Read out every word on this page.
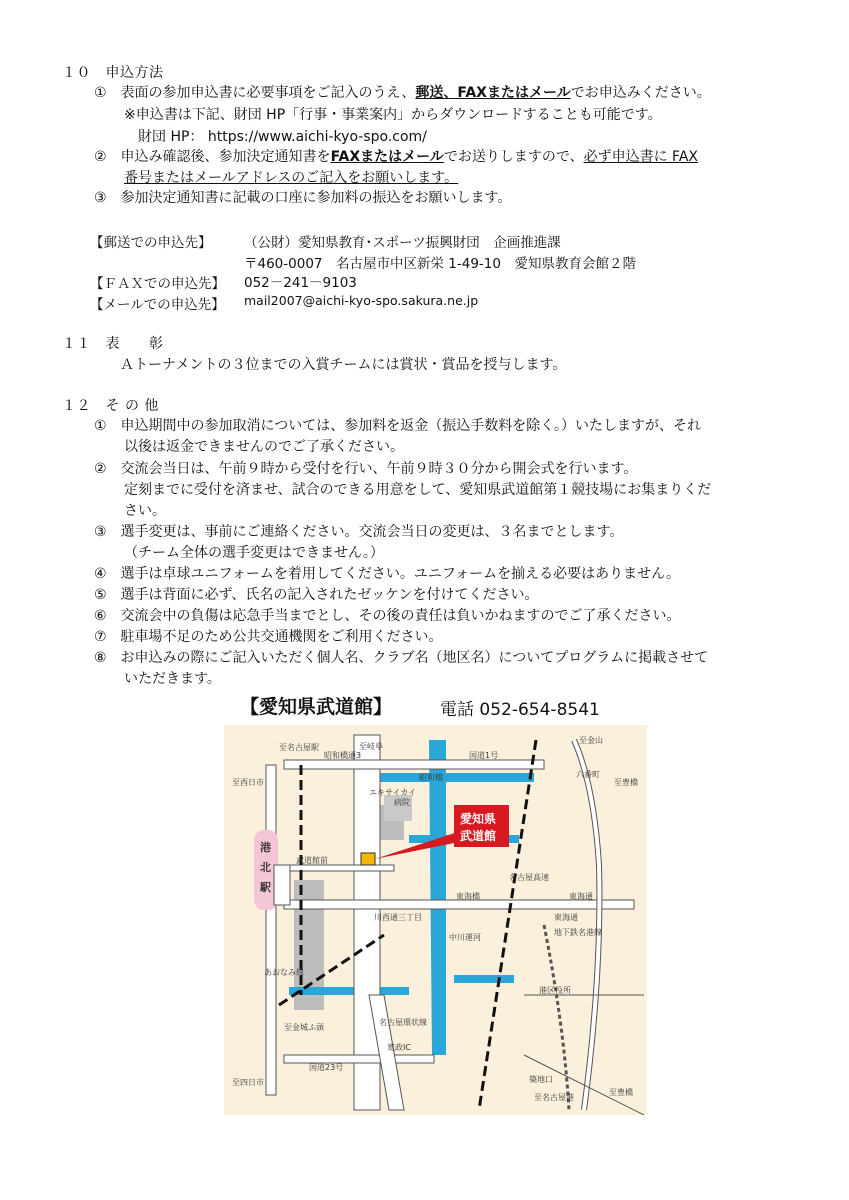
１０　申込方法
①　表面の参加申込書に必要事項をご記入のうえ、郵送、FAXまたはメールでお申込みください。
※申込書は下記、財団 HP「行事・事業案内」からダウンロードすることも可能です。
財団 HP： https://www.aichi-kyo-spo.com/
②　申込み確認後、参加決定通知書をFAXまたはメールでお送りしますので、必ず申込書に FAX
番号またはメールアドレスのご記入をお願いします。
③　参加決定通知書に記載の口座に参加料の振込をお願いします。
【郵送での申込先】 （公財）愛知県教育･スポーツ振興財団　企画推進課
〒460-0007　名古屋市中区新栄 1-49-10　愛知県教育会館２階
【ＦＡＸでの申込先】 052－241－9103
【メールでの申込先】 mail2007@aichi-kyo-spo.sakura.ne.jp
１１　表　　彰
Ａトーナメントの３位までの入賞チームには賞状・賞品を授与します。
１２　そ の 他
①　申込期間中の参加取消については、参加料を返金（振込手数料を除く。）いたしますが、それ
以後は返金できませんのでご了承ください。
②　交流会当日は、午前９時から受付を行い、午前９時３０分から開会式を行います。
定刻までに受付を済ませ、試合のできる用意をして、愛知県武道館第１競技場にお集まりくだ
さい。
③　選手変更は、事前にご連絡ください。交流会当日の変更は、３名までとします。
（チーム全体の選手変更はできません。）
④　選手は卓球ユニフォームを着用してください。ユニフォームを揃える必要はありません。
⑤　選手は背面に必ず、氏名の記入されたゼッケンを付けてください。
⑥　交流会中の負傷は応急手当までとし、その後の責任は負いかねますのでご了承ください。
⑦　駐車場不足のため公共交通機関をご利用ください。
⑧　お申込みの際にご記入いただく個人名、クラブ名（地区名）についてプログラムに掲載させて
いただきます。
【愛知県武道館】	電話 052-654-8541
港
北
駅
愛知県
武道館
至名古屋駅	至岐阜
至金山
昭和橋通3
昭和橋
国道1号
六番町
エキサイカイ
病院
武道館前
東海橋	東海通
川西通三丁目	東海通
中川運河
あおなみ線
至金城ふ頭
名古屋環状線
名古屋高速
地下鉄名港線
港区役所
寛政IC
国道23号
築地口
至名古屋港
至西日市	至豊橋
至四日市
至豊橋
